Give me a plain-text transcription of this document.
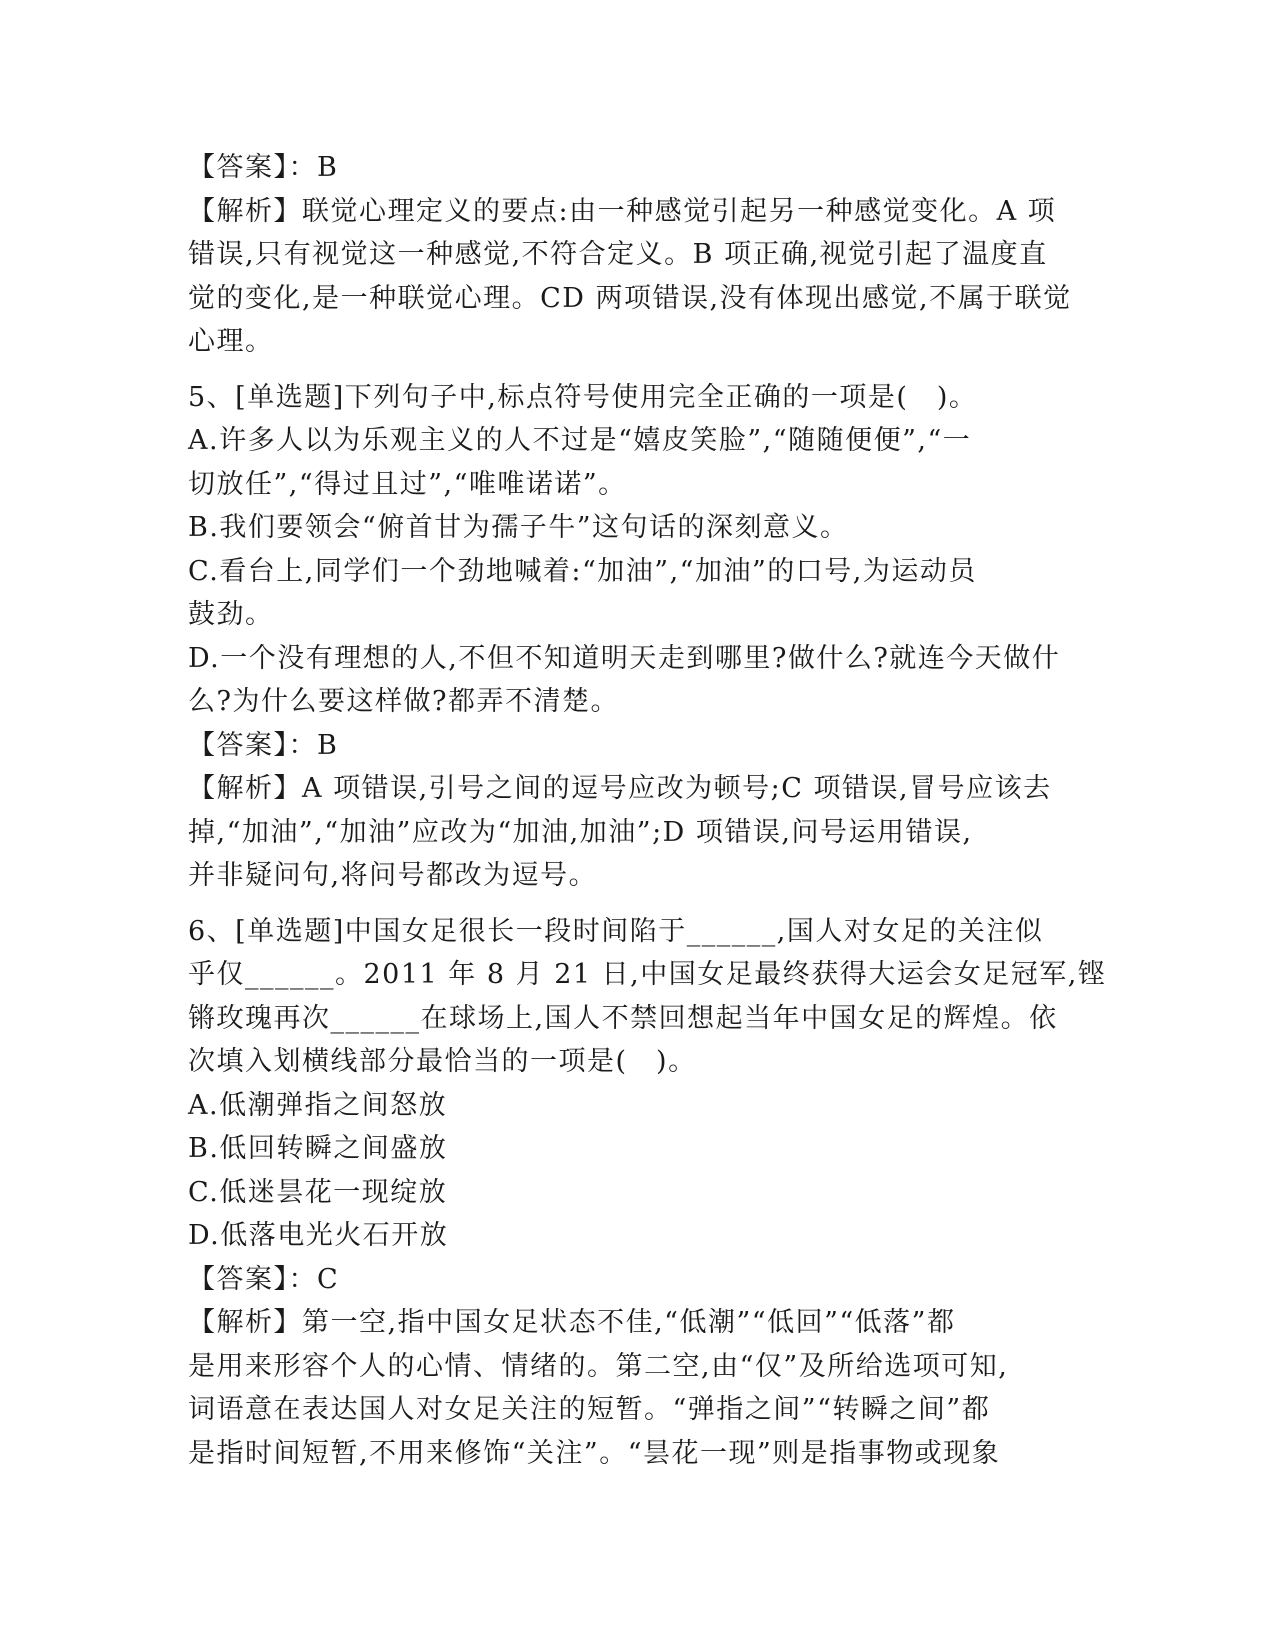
【答案】：B
【解析】联觉心理定义的要点:由一种感觉引起另一种感觉变化。A 项
错误,只有视觉这一种感觉,不符合定义。B 项正确,视觉引起了温度直
觉的变化,是一种联觉心理。CD 两项错误,没有体现出感觉,不属于联觉
心理。
5、[单选题]下列句子中,标点符号使用完全正确的一项是(　)。
A.许多人以为乐观主义的人不过是“嬉皮笑脸”,“随随便便”,“一
切放任”,“得过且过”,“唯唯诺诺”。
B.我们要领会“俯首甘为孺子牛”这句话的深刻意义。
C.看台上,同学们一个劲地喊着:“加油”,“加油”的口号,为运动员
鼓劲。
D.一个没有理想的人,不但不知道明天走到哪里?做什么?就连今天做什
么?为什么要这样做?都弄不清楚。
【答案】：B
【解析】A 项错误,引号之间的逗号应改为顿号;C 项错误,冒号应该去
掉,“加油”,“加油”应改为“加油,加油”;D 项错误,问号运用错误,
并非疑问句,将问号都改为逗号。
6、[单选题]中国女足很长一段时间陷于______,国人对女足的关注似
乎仅______。2011 年 8 月 21 日,中国女足最终获得大运会女足冠军,铿
锵玫瑰再次______在球场上,国人不禁回想起当年中国女足的辉煌。依
次填入划横线部分最恰当的一项是(　)。
A.低潮弹指之间怒放
B.低回转瞬之间盛放
C.低迷昙花一现绽放
D.低落电光火石开放
【答案】：C
【解析】第一空,指中国女足状态不佳,“低潮”“低回”“低落”都
是用来形容个人的心情、情绪的。第二空,由“仅”及所给选项可知,
词语意在表达国人对女足关注的短暂。“弹指之间”“转瞬之间”都
是指时间短暂,不用来修饰“关注”。“昙花一现”则是指事物或现象
